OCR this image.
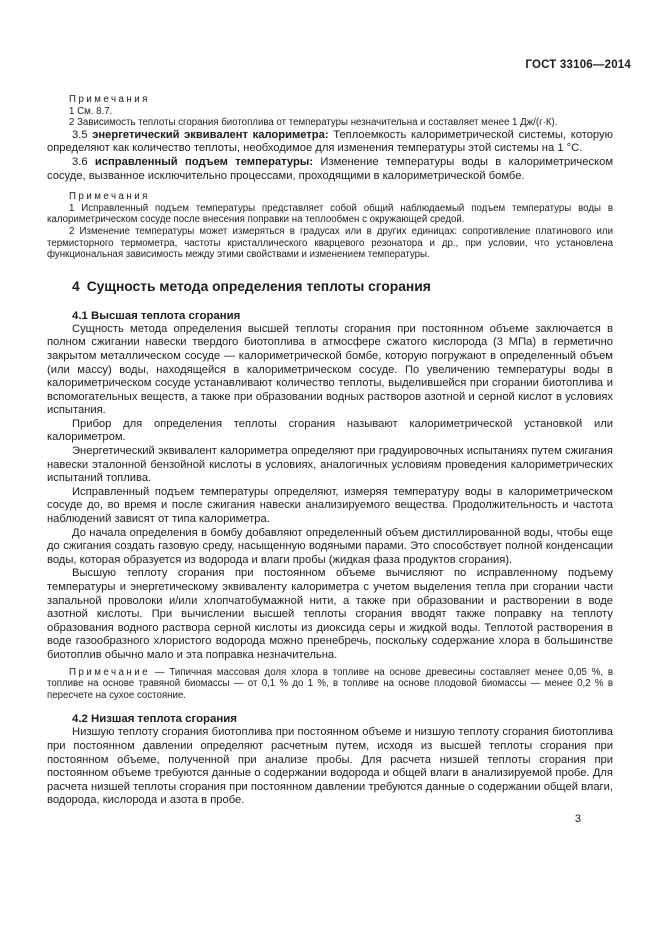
ГОСТ 33106—2014
Примечания
1 См. 8.7.
2 Зависимость теплоты сгорания биотоплива от температуры незначительна и составляет менее 1 Дж/(г·К).

3.5 энергетический эквивалент калориметра: Теплоемкость калориметрической системы, которую определяют как количество теплоты, необходимое для изменения температуры этой системы на 1 °С.

3.6 исправленный подъем температуры: Изменение температуры воды в калориметрическом сосуде, вызванное исключительно процессами, проходящими в калориметрической бомбе.

Примечания
1 Исправленный подъем температуры представляет собой общий наблюдаемый подъем температуры воды в калориметрическом сосуде после внесения поправки на теплообмен с окружающей средой.
2 Изменение температуры может измеряться в градусах или в других единицах: сопротивление платинового или термисторного термометра, частоты кристаллического кварцевого резонатора и др., при условии, что установлена функциональная зависимость между этими свойствами и изменением температуры.
4 Сущность метода определения теплоты сгорания
4.1 Высшая теплота сгорания

Сущность метода определения высшей теплоты сгорания при постоянном объеме заключается в полном сжигании навески твердого биотоплива в атмосфере сжатого кислорода (3 МПа) в герметично закрытом металлическом сосуде — калориметрической бомбе, которую погружают в определенный объем (или массу) воды, находящейся в калориметрическом сосуде. По увеличению температуры воды в калориметрическом сосуде устанавливают количество теплоты, выделившейся при сгорании биотоплива и вспомогательных веществ, а также при образовании водных растворов азотной и серной кислот в условиях испытания.

Прибор для определения теплоты сгорания называют калориметрической установкой или калориметром.

Энергетический эквивалент калориметра определяют при градуировочных испытаниях путем сжигания навески эталонной бензойной кислоты в условиях, аналогичных условиям проведения калориметрических испытаний топлива.

Исправленный подъем температуры определяют, измеряя температуру воды в калориметрическом сосуде до, во время и после сжигания навески анализируемого вещества. Продолжительность и частота наблюдений зависят от типа калориметра.

До начала определения в бомбу добавляют определенный объем дистиллированной воды, чтобы еще до сжигания создать газовую среду, насыщенную водяными парами. Это способствует полной конденсации воды, которая образуется из водорода и влаги пробы (жидкая фаза продуктов сгорания).

Высшую теплоту сгорания при постоянном объеме вычисляют по исправленному подъему температуры и энергетическому эквиваленту калориметра с учетом выделения тепла при сгорании части запальной проволоки и/или хлопчатобумажной нити, а также при образовании и растворении в воде азотной кислоты. При вычислении высшей теплоты сгорания вводят также поправку на теплоту образования водного раствора серной кислоты из диоксида серы и жидкой воды. Теплотой растворения в воде газообразного хлористого водорода можно пренебречь, поскольку содержание хлора в большинстве биотоплив обычно мало и эта поправка незначительна.

Примечание — Типичная массовая доля хлора в топливе на основе древесины составляет менее 0,05 %, в топливе на основе травяной биомассы — от 0,1 % до 1 %, в топливе на основе плодовой биомассы — менее 0,2 % в пересчете на сухое состояние.
4.2 Низшая теплота сгорания

Низшую теплоту сгорания биотоплива при постоянном объеме и низшую теплоту сгорания биотоплива при постоянном давлении определяют расчетным путем, исходя из высшей теплоты сгорания при постоянном объеме, полученной при анализе пробы. Для расчета низшей теплоты сгорания при постоянном объеме требуются данные о содержании водорода и общей влаги в анализируемой пробе. Для расчета низшей теплоты сгорания при постоянном давлении требуются данные о содержании общей влаги, водорода, кислорода и азота в пробе.

3
